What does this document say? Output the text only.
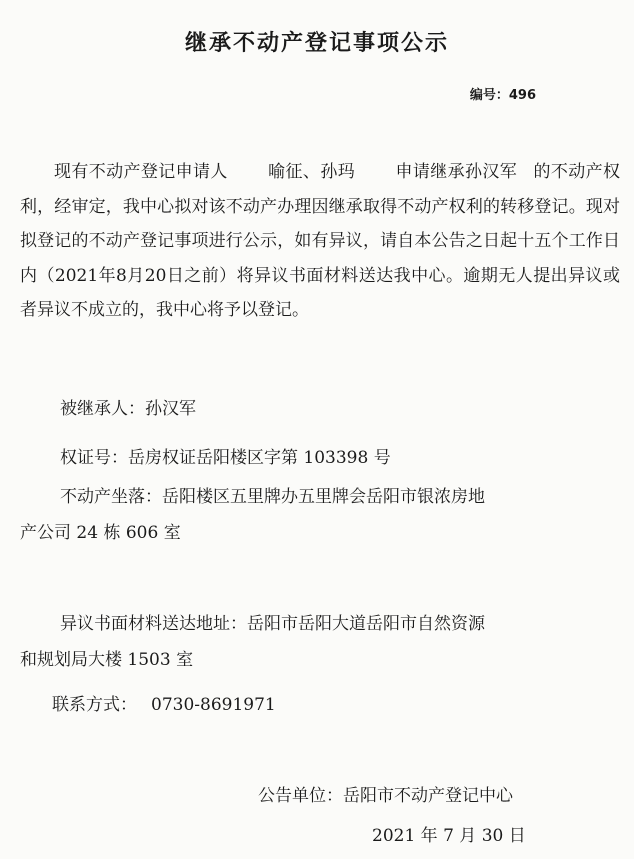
继承不动产登记事项公示
编号：496
现有不动产登记申请人 喻征、孙玛 申请继承孙汉军 的不动产权利，经审定，我中心拟对该不动产办理因继承取得不动产权利的转移登记。现对拟登记的不动产登记事项进行公示，如有异议，请自本公告之日起十五个工作日内（2021年8月20日之前）将异议书面材料送达我中心。逾期无人提出异议或者异议不成立的，我中心将予以登记。
被继承人：孙汉军
权证号：岳房权证岳阳楼区字第 103398 号
不动产坐落：岳阳楼区五里牌办五里牌会岳阳市银浓房地
产公司 24 栋 606 室
异议书面材料送达地址：岳阳市岳阳大道岳阳市自然资源
和规划局大楼 1503 室
联系方式： 0730-8691971
公告单位：岳阳市不动产登记中心
2021 年 7 月 30 日
